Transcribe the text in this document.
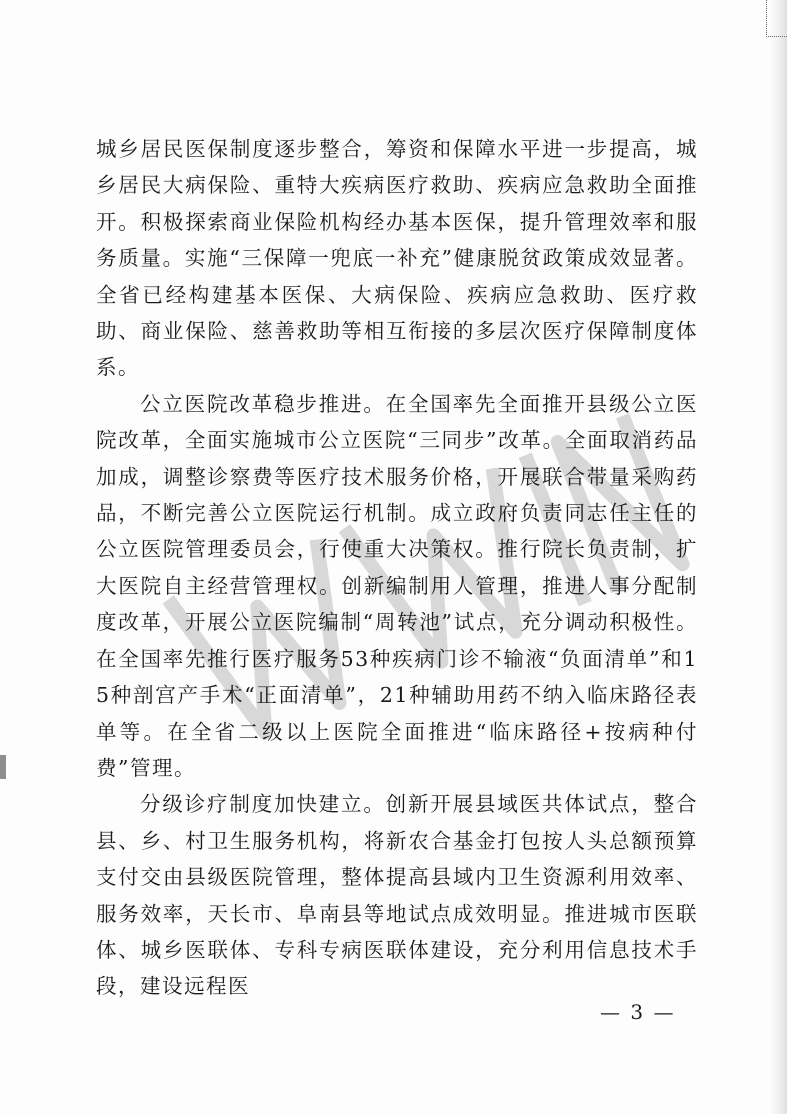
城乡居民医保制度逐步整合，筹资和保障水平进一步提高，城乡居民大病保险、重特大疾病医疗救助、疾病应急救助全面推开。积极探索商业保险机构经办基本医保，提升管理效率和服务质量。实施“三保障一兜底一补充”健康脱贫政策成效显著。全省已经构建基本医保、大病保险、疾病应急救助、医疗救助、商业保险、慈善救助等相互衔接的多层次医疗保障制度体系。

公立医院改革稳步推进。在全国率先全面推开县级公立医院改革，全面实施城市公立医院“三同步”改革。全面取消药品加成，调整诊察费等医疗技术服务价格，开展联合带量采购药品，不断完善公立医院运行机制。成立政府负责同志任主任的公立医院管理委员会，行使重大决策权。推行院长负责制，扩大医院自主经营管理权。创新编制用人管理，推进人事分配制度改革，开展公立医院编制“周转池”试点，充分调动积极性。在全国率先推行医疗服务53种疾病门诊不输液“负面清单”和15种剖宫产手术“正面清单”，21种辅助用药不纳入临床路径表单等。在全省二级以上医院全面推进“临床路径+按病种付费”管理。

分级诊疗制度加快建立。创新开展县域医共体试点，整合县、乡、村卫生服务机构，将新农合基金打包按人头总额预算支付交由县级医院管理，整体提高县域内卫生资源利用效率、服务效率，天长市、阜南县等地试点成效明显。推进城市医联体、城乡医联体、专科专病医联体建设，充分利用信息技术手段，建设远程医

— 3 —
